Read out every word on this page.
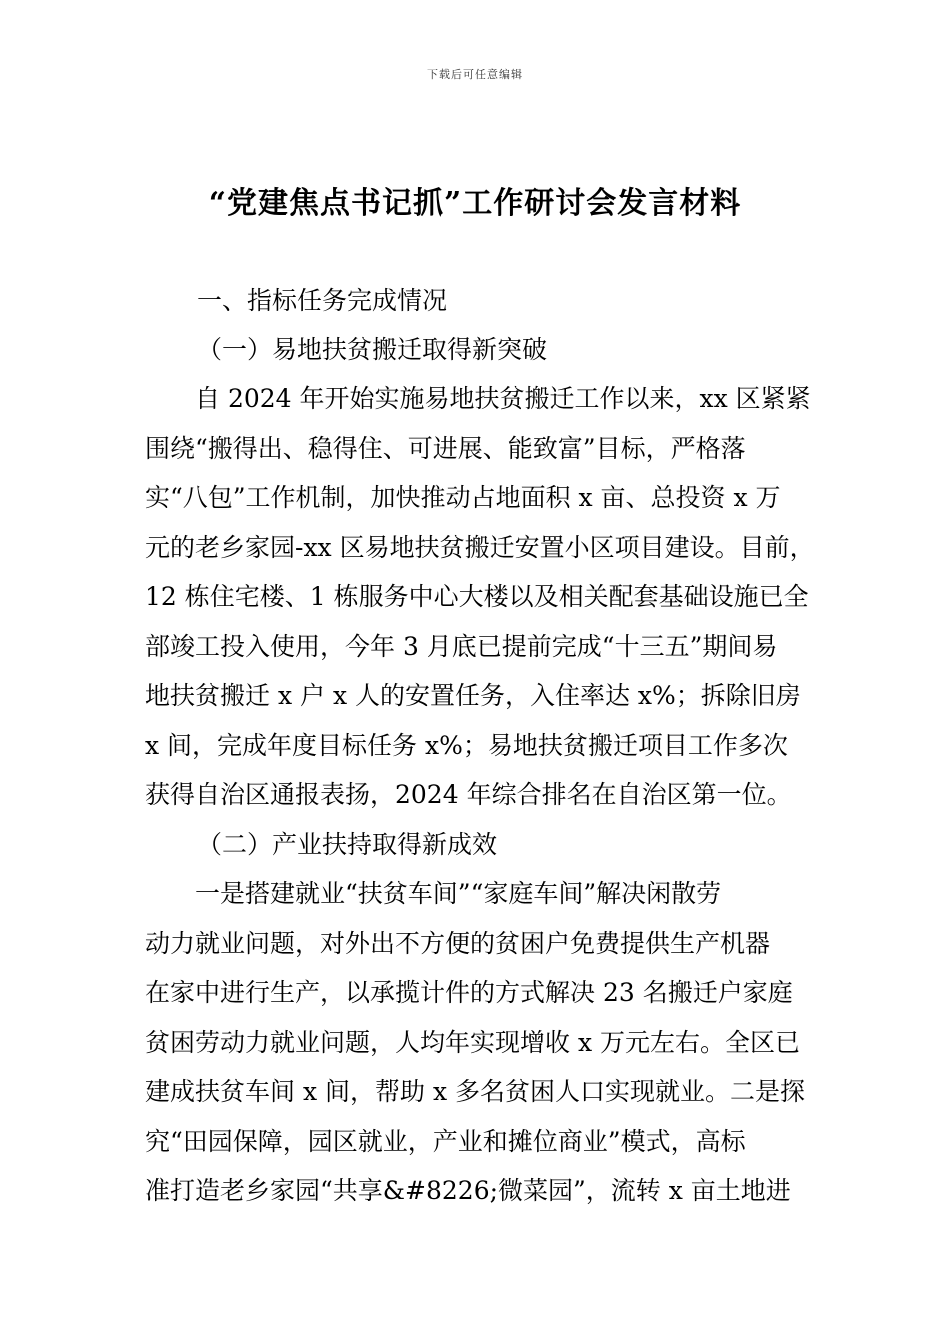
下载后可任意编辑
“党建焦点书记抓”工作研讨会发言材料
一、指标任务完成情况
（一）易地扶贫搬迁取得新突破

　　自 2024 年开始实施易地扶贫搬迁工作以来，xx 区紧紧

围绕“搬得出、稳得住、可进展、能致富”目标，严格落

实“八包”工作机制，加快推动占地面积 x 亩、总投资 x 万

元的老乡家园-xx 区易地扶贫搬迁安置小区项目建设。目前，

12 栋住宅楼、1 栋服务中心大楼以及相关配套基础设施已全

部竣工投入使用，今年 3 月底已提前完成“十三五”期间易

地扶贫搬迁 x 户 x 人的安置任务，入住率达 x%；拆除旧房

x 间，完成年度目标任务 x%；易地扶贫搬迁项目工作多次

获得自治区通报表扬，2024 年综合排名在自治区第一位。

（二）产业扶持取得新成效

　　一是搭建就业“扶贫车间”“家庭车间”解决闲散劳

动力就业问题，对外出不方便的贫困户免费提供生产机器

在家中进行生产，以承揽计件的方式解决 23 名搬迁户家庭

贫困劳动力就业问题，人均年实现增收 x 万元左右。全区已

建成扶贫车间 x 间，帮助 x 多名贫困人口实现就业。二是探

究“田园保障，园区就业，产业和摊位商业”模式，高标

准打造老乡家园“共享&#8226;微菜园”，流转 x 亩土地进
